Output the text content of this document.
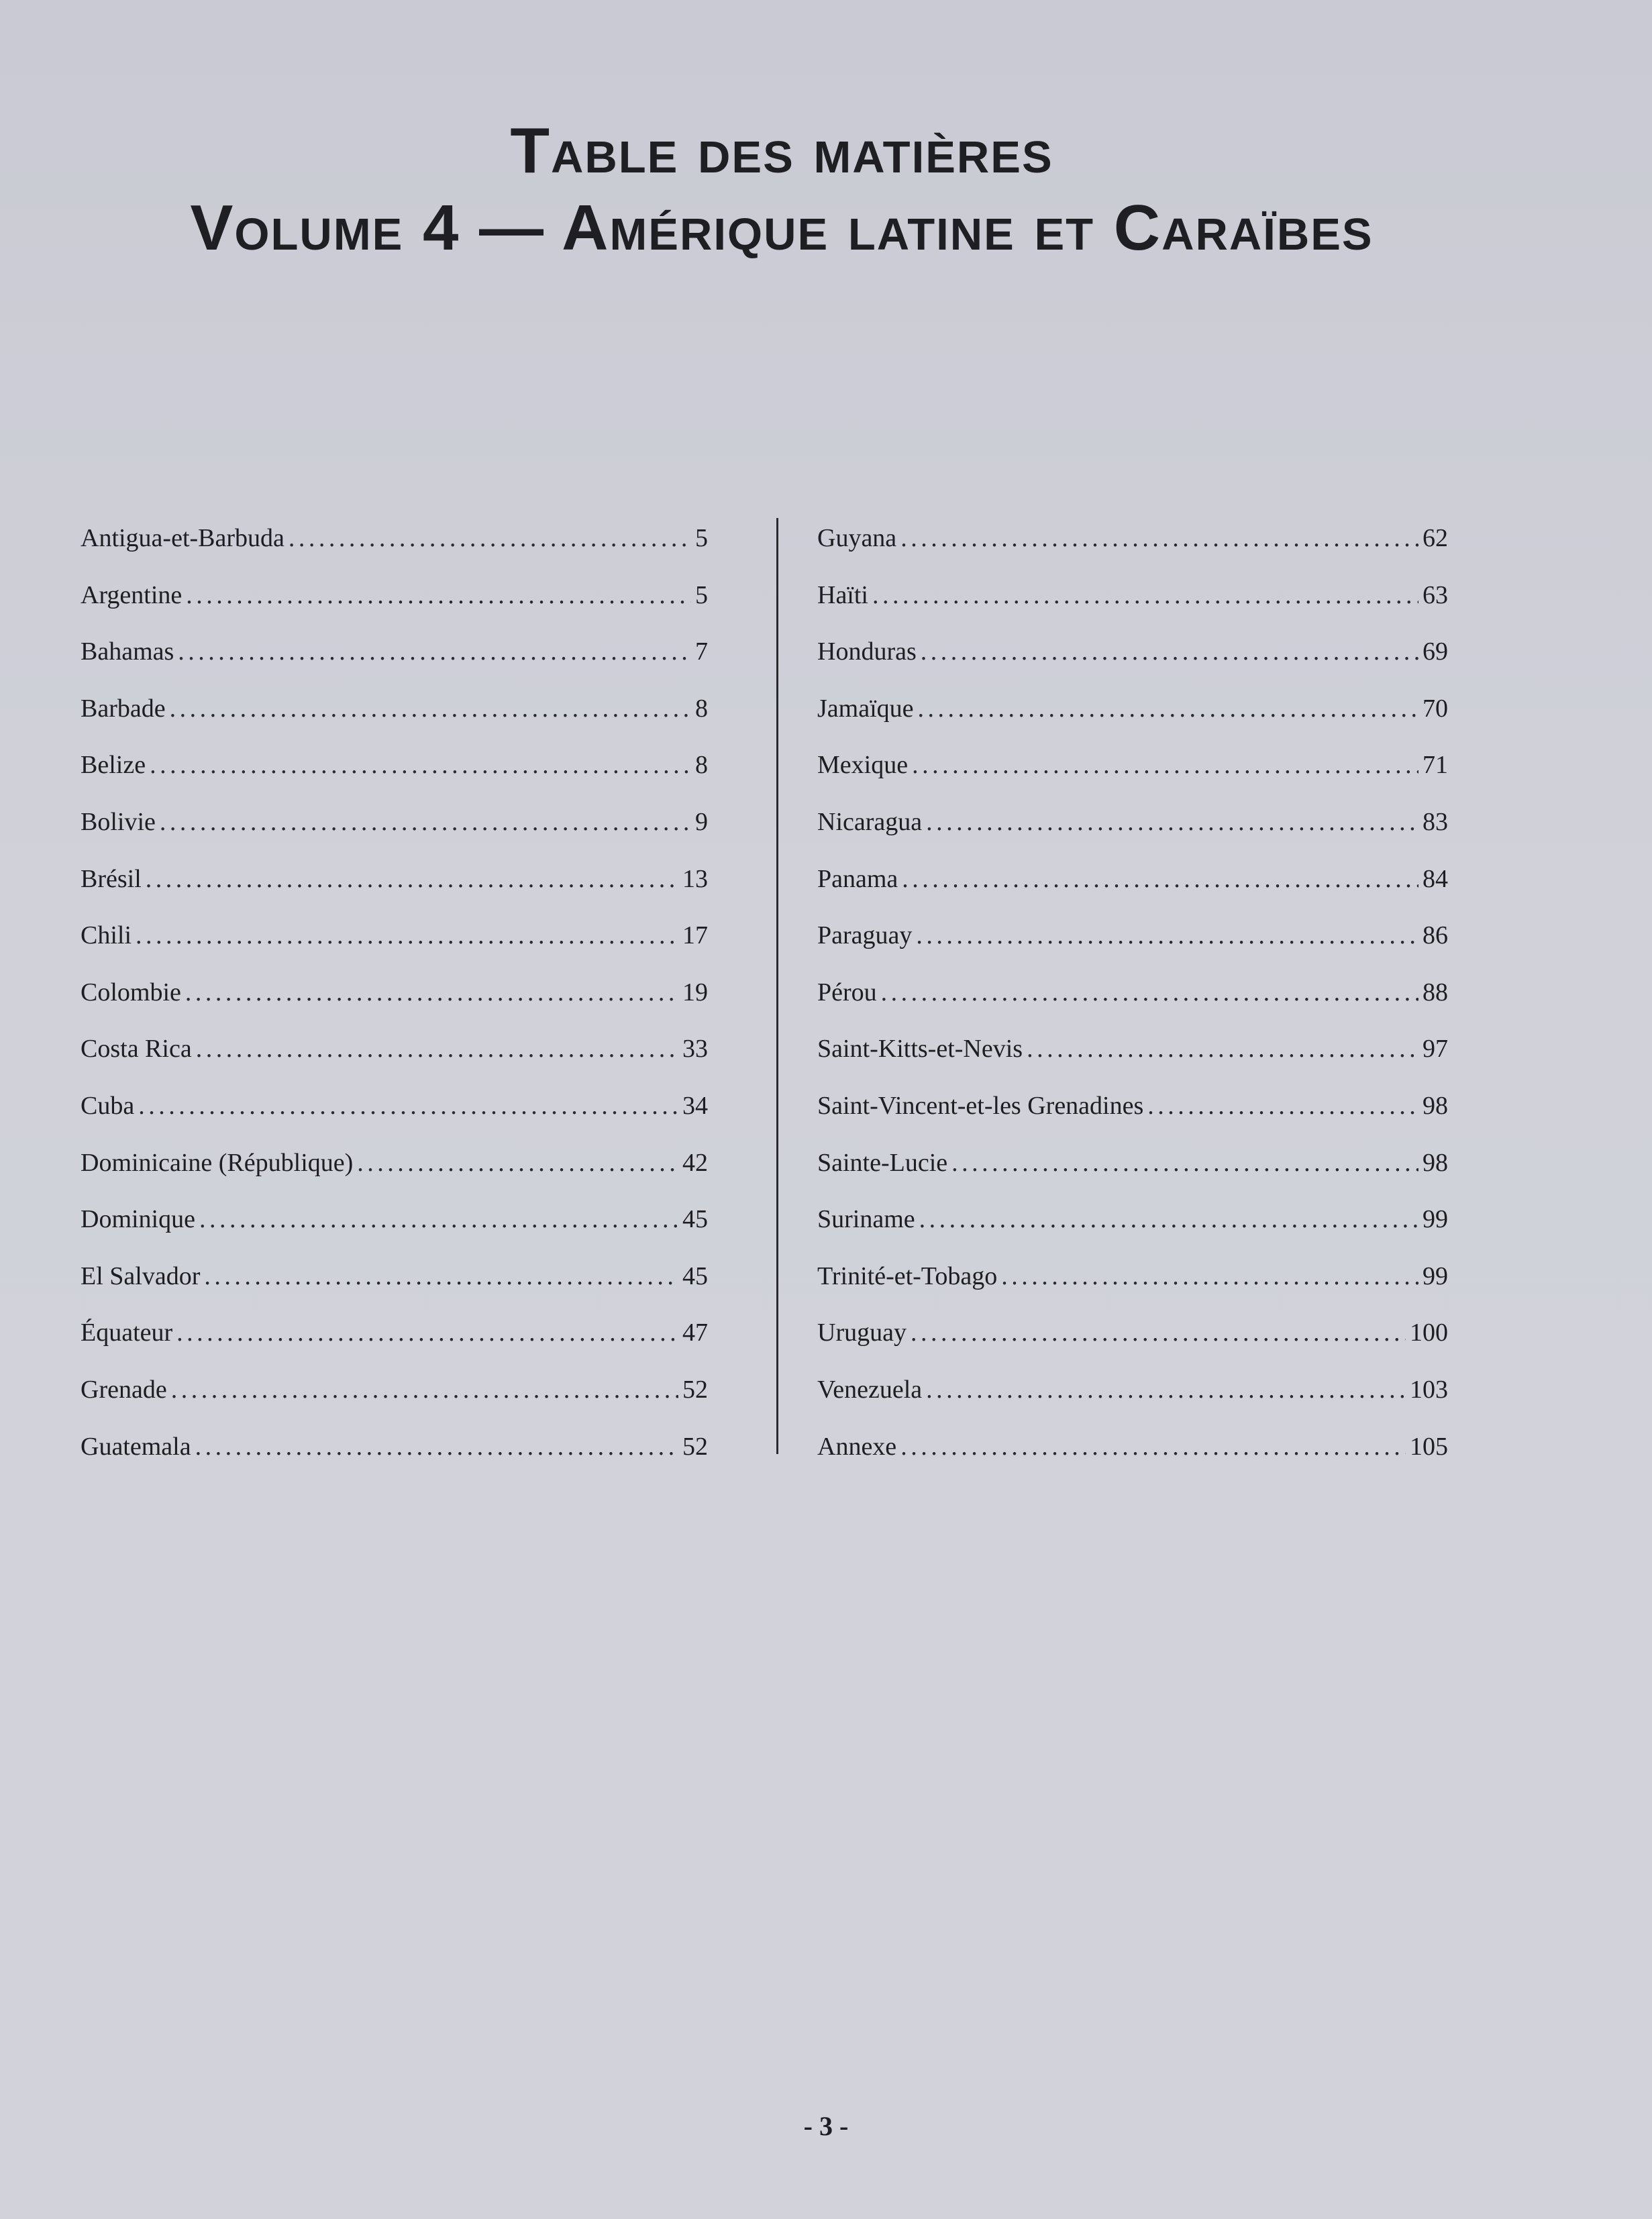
Table des matières
Volume 4 — Amérique latine et Caraïbes
Antigua-et-Barbuda . . .	5
Argentine . . .	5
Bahamas . . .	7
Barbade . . .	8
Belize . . .	8
Bolivie . . .	9
Brésil . . .	13
Chili . . .	17
Colombie . . .	19
Costa Rica . . .	33
Cuba . . .	34
Dominicaine (République) . . .	42
Dominique . . .	45
El Salvador . . .	45
Équateur . . .	47
Grenade . . .	52
Guatemala . . .	52
Guyana . . .	62
Haïti . . .	63
Honduras . . .	69
Jamaïque . . .	70
Mexique . . .	71
Nicaragua . . .	83
Panama . . .	84
Paraguay . . .	86
Pérou . . .	88
Saint-Kitts-et-Nevis . . .	97
Saint-Vincent-et-les Grenadines . . .	98
Sainte-Lucie . . .	98
Suriname . . .	99
Trinité-et-Tobago . . .	99
Uruguay . . .	100
Venezuela . . .	103
Annexe . . .	105
- 3 -
